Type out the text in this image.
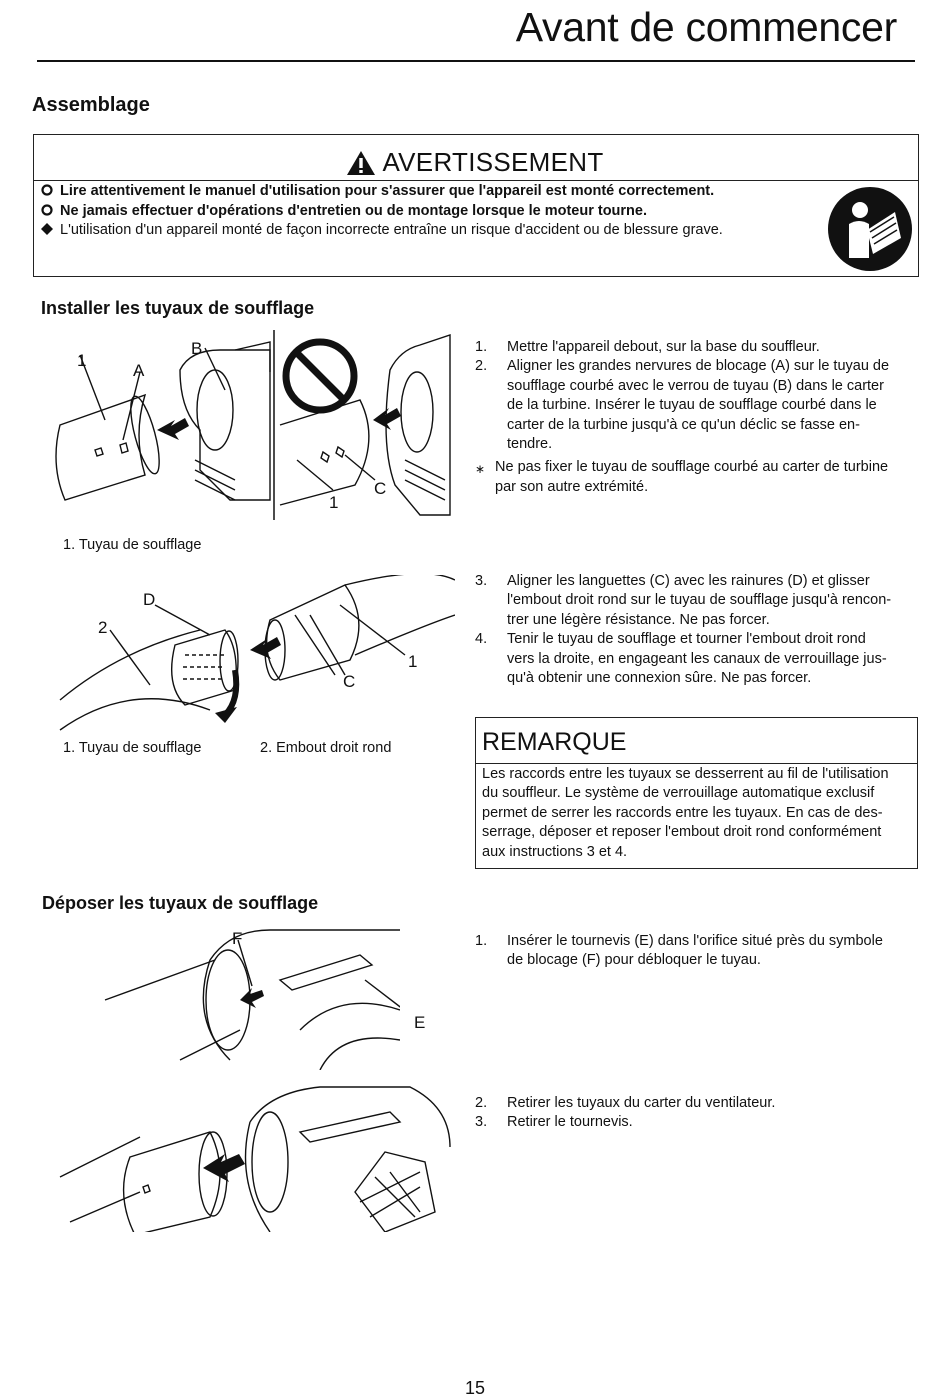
Avant de commencer
Assemblage
AVERTISSEMENT
Lire attentivement le manuel d'utilisation pour s'assurer que l'appareil est monté correctement.
Ne jamais effectuer d'opérations d'entretien ou de montage lorsque le moteur tourne.
L'utilisation d'un appareil monté de façon incorrecte entraîne un risque d'accident ou de blessure grave.
Installer les tuyaux de soufflage
1
A
B
1
C
1. Tuyau de soufflage
D
2
C
1
1. Tuyau de soufflage	2. Embout droit rond
1.	Mettre l'appareil debout, sur la base du souffleur.
2.	Aligner les grandes nervures de blocage (A) sur le tuyau de
soufflage courbé avec le verrou de tuyau (B) dans le carter
de la turbine. Insérer le tuyau de soufflage courbé dans le
carter de la turbine jusqu'à ce qu'un déclic se fasse en-
tendre.
∗ Ne pas fixer le tuyau de soufflage courbé au carter de turbine
par son autre extrémité.
3.	Aligner les languettes (C) avec les rainures (D) et glisser
l'embout droit rond sur le tuyau de soufflage jusqu'à rencon-
trer une légère résistance. Ne pas forcer.
4.	Tenir le tuyau de soufflage et tourner l'embout droit rond
vers la droite, en engageant les canaux de verrouillage jus-
qu'à obtenir une connexion sûre. Ne pas forcer.
REMARQUE
Les raccords entre les tuyaux se desserrent au fil de l'utilisation
du souffleur. Le système de verrouillage automatique exclusif
permet de serrer les raccords entre les tuyaux. En cas de des-
serrage, déposer et reposer l'embout droit rond conformément
aux instructions 3 et 4.
Déposer les tuyaux de soufflage
F
E
1.	Insérer le tournevis (E) dans l'orifice situé près du symbole
de blocage (F) pour débloquer le tuyau.
2.	Retirer les tuyaux du carter du ventilateur.
3.	Retirer le tournevis.
15
